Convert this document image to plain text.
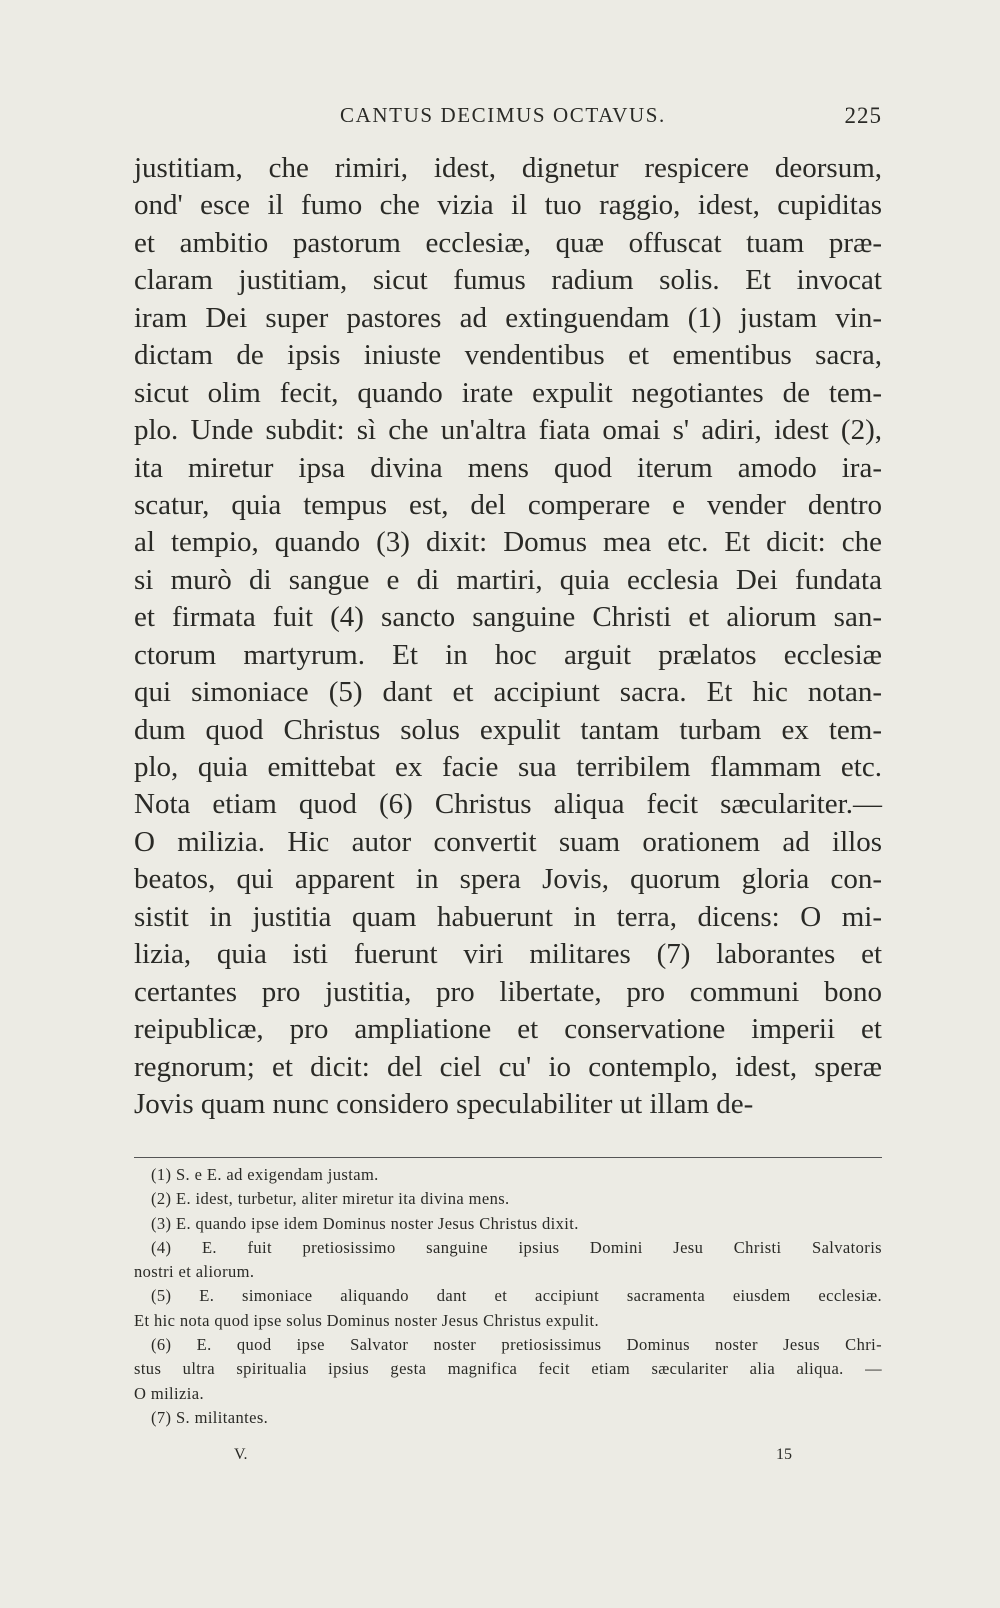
CANTUS DECIMUS OCTAVUS.	225
justitiam, che rimiri, idest, dignetur respicere deorsum,
ond' esce il fumo che vizia il tuo raggio, idest, cupiditas
et ambitio pastorum ecclesiæ, quæ offuscat tuam præ-
claram justitiam, sicut fumus radium solis. Et invocat
iram Dei super pastores ad extinguendam (1) justam vin-
dictam de ipsis iniuste vendentibus et ementibus sacra,
sicut olim fecit, quando irate expulit negotiantes de tem-
plo. Unde subdit: sì che un'altra fiata omai s' adiri, idest (2),
ita miretur ipsa divina mens quod iterum amodo ira-
scatur, quia tempus est, del comperare e vender dentro
al tempio, quando (3) dixit: Domus mea etc. Et dicit: che
si murò di sangue e di martiri, quia ecclesia Dei fundata
et firmata fuit (4) sancto sanguine Christi et aliorum san-
ctorum martyrum. Et in hoc arguit prælatos ecclesiæ
qui simoniace (5) dant et accipiunt sacra. Et hic notan-
dum quod Christus solus expulit tantam turbam ex tem-
plo, quia emittebat ex facie sua terribilem flammam etc.
Nota etiam quod (6) Christus aliqua fecit sæculariter.—
O milizia. Hic autor convertit suam orationem ad illos
beatos, qui apparent in spera Jovis, quorum gloria con-
sistit in justitia quam habuerunt in terra, dicens: O mi-
lizia, quia isti fuerunt viri militares (7) laborantes et
certantes pro justitia, pro libertate, pro communi bono
reipublicæ, pro ampliatione et conservatione imperii et
regnorum; et dicit: del ciel cu' io contemplo, idest, speræ
Jovis quam nunc considero speculabiliter ut illam de-
(1) S. e E. ad exigendam justam.
(2) E. idest, turbetur, aliter miretur ita divina mens.
(3) E. quando ipse idem Dominus noster Jesus Christus dixit.
(4) E. fuit pretiosissimo sanguine ipsius Domini Jesu Christi Salvatoris
nostri et aliorum.
(5) E. simoniace aliquando dant et accipiunt sacramenta eiusdem ecclesiæ.
Et hic nota quod ipse solus Dominus noster Jesus Christus expulit.
(6) E. quod ipse Salvator noster pretiosissimus Dominus noster Jesus Chri-
stus ultra spiritualia ipsius gesta magnifica fecit etiam sæculariter alia aliqua. —
O milizia.
(7) S. militantes.
V.	15
